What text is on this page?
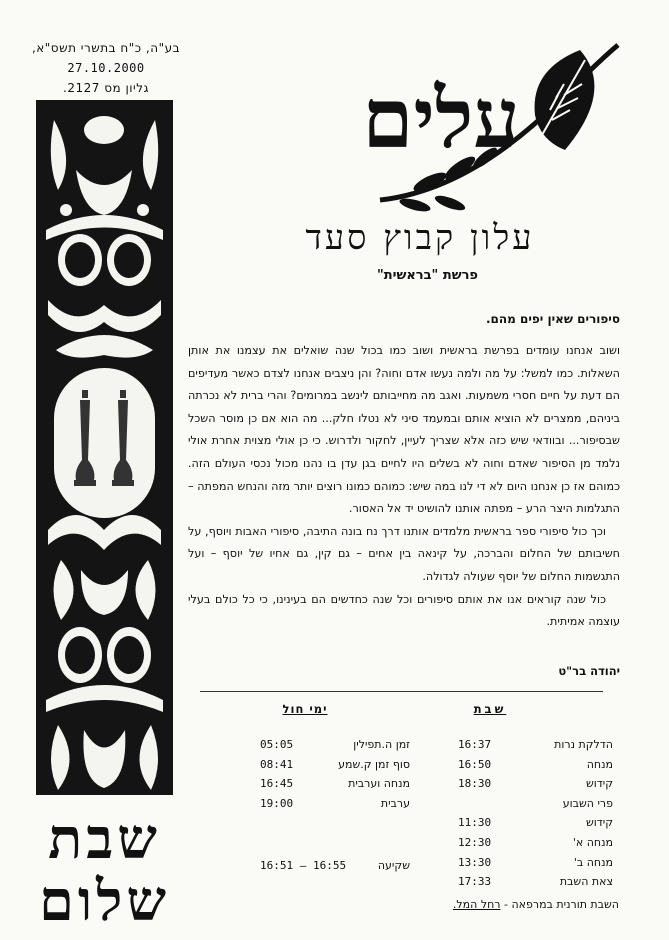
בע"ה, כ"ח בתשרי תשס"א,
27.10.2000
גליון מס 2127.	עלים
עלון קבוץ סעד
פרשת "בראשית"
סיפורים שאין יפים מהם.

ושוב אנחנו עומדים בפרשת בראשית ושוב כמו בכול שנה שואלים את עצמנו את אותן השאלות. כמו למשל: על מה ולמה נעשו אדם וחוה? והן ניצבים אנחנו לצדם כאשר מעדיפים הם דעת על חיים חסרי משמעות. ואגב מה מחייבותם לינשב במרומים? והרי ברית לא נכרתה ביניהם, ממצרים לא הוציא אותם ובמעמד סיני לא נטלו חלק... מה הוא אם כן מוסר השכל שבסיפור... ובוודאי שיש כזה אלא שצריך לעיין, לחקור ולדרוש. כי כן אולי מצוית אחרת אולי נלמד מן הסיפור שאדם וחוה לא בשלים היו לחיים בגן עדן בו נהנו מכול נכסי העולם הזה. כמוהם אז כן אנחנו היום לא די לנו במה שיש: כמוהם כמונו רוצים יותר מזה והנחש המפתה – התגלמות היצר הרע – מפתה אותנו להושיט יד אל האסור.

וכך כול סיפורי ספר בראשית מלמדים אותנו דרך נח בונה התיבה, סיפורי האבות ויוסף, על חשיבותם של החלום והברכה, על קינאה בין אחים – גם קין, גם אחיו של יוסף – ועל התגשמות החלום של יוסף שעולה לגדולה.

כול שנה קוראים אנו את אותם סיפורים וכל שנה כחדשים הם בעינינו, כי כל כולם בעלי עוצמה אמיתית.

יהודה בר"ט
שבת
הדלקת נרות
16:37
מנחה
16:50
קידוש
18:30
פרי השבוע
קידוש
11:30
מנחה א'
12:30
מנחה ב'
13:30
צאת השבת
17:33
ימי חול
זמן ה.תפילין
05:05
סוף זמן ק.שמע
08:41
מנחה וערבית
16:45
ערבית
19:00
שקיעה
16:51 – 16:55
השבת תורנית במרפאה - רחל המל.
שבת שלום
